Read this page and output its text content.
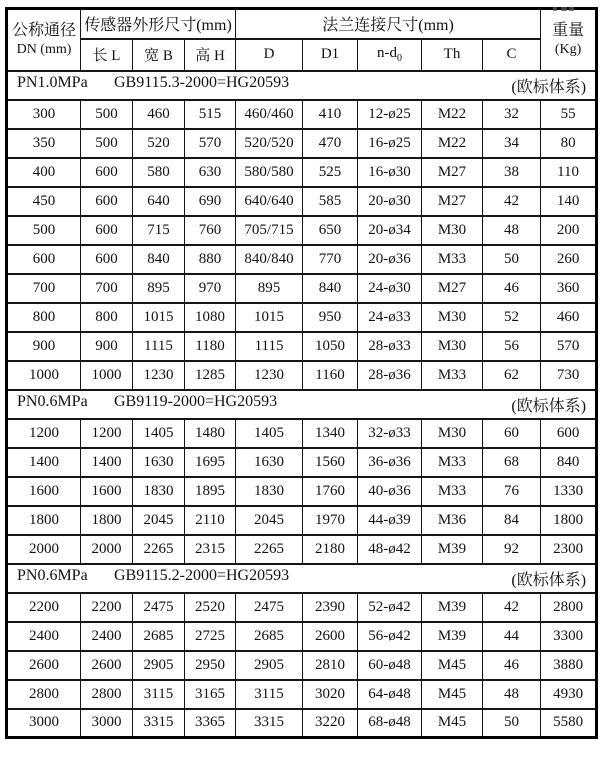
公称通径
DN (mm)
	传感器外形尺寸(mm)	法兰连接尺寸(mm)	重量
(Kg)

	长 L	宽 B	高 H	D	D1	$n-d_0$	Th	C	

(欧标体系)
PN1.0MPa GB9115.3-2000=HG20593									
300	500	460	515	460/460	410	12-ø25	M22	32	55
350	500	520	570	520/520	470	16-ø25	M22	34	80
400	600	580	630	580/580	525	16-ø30	M27	38	110
450	600	640	690	640/640	585	20-ø30	M27	42	140
500	600	715	760	705/715	650	20-ø34	M30	48	200
600	600	840	880	840/840	770	20-ø36	M33	50	260
700	700	895	970	895	840	24-ø30	M27	46	360
800	800	1015	1080	1015	950	24-ø33	M30	52	460
900	900	1115	1180	1115	1050	28-ø33	M30	56	570
1000	1000	1230	1285	1230	1160	28-ø36	M33	62	730

(欧标体系)
PN0.6MPa GB9119-2000=HG20593									
1200	1200	1405	1480	1405	1340	32-ø33	M30	60	600
1400	1400	1630	1695	1630	1560	36-ø36	M33	68	840
1600	1600	1830	1895	1830	1760	40-ø36	M33	76	1330
1800	1800	2045	2110	2045	1970	44-ø39	M36	84	1800
2000	2000	2265	2315	2265	2180	48-ø42	M39	92	2300

(欧标体系)
PN0.6MPa GB9115.2-2000=HG20593									
2200	2200	2475	2520	2475	2390	52-ø42	M39	42	2800
2400	2400	2685	2725	2685	2600	56-ø42	M39	44	3300
2600	2600	2905	2950	2905	2810	60-ø48	M45	46	3880
2800	2800	3115	3165	3115	3020	64-ø48	M45	48	4930
3000	3000	3315	3365	3315	3220	68-ø48	M45	50	5580
